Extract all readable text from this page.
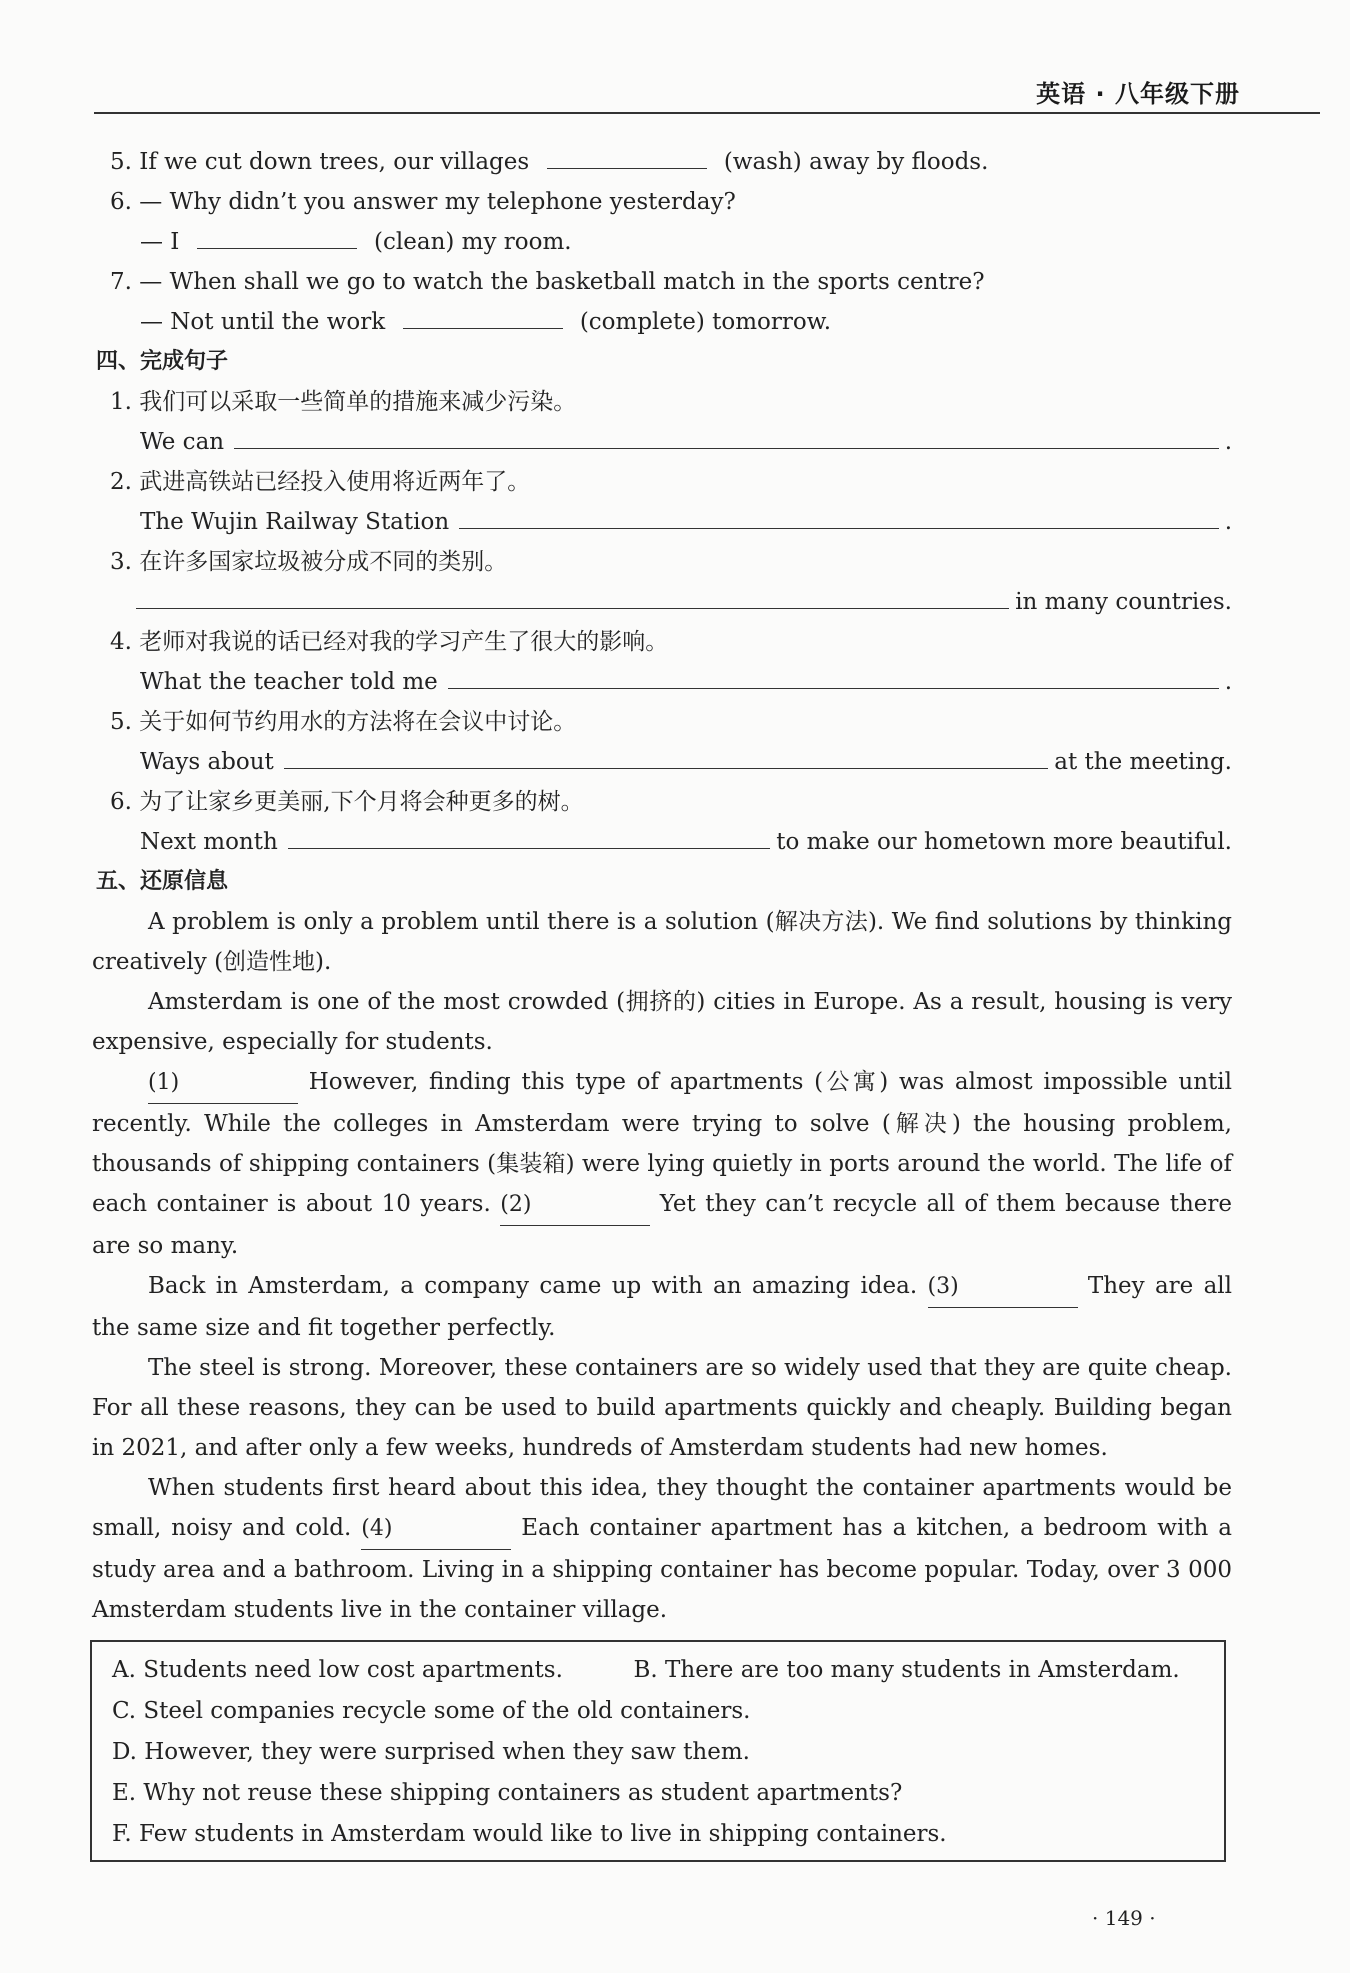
英语 · 八年级下册
5. If we cut down trees, our villages	(wash) away by floods.
6. — Why didn’t you answer my telephone yesterday?
— I	(clean) my room.
7. — When shall we go to watch the basketball match in the sports centre?
— Not until the work	(complete) tomorrow.
四、完成句子
1. 我们可以采取一些简单的措施来减少污染。
We can	.
2. 武进高铁站已经投入使用将近两年了。
The Wujin Railway Station	.
3. 在许多国家垃圾被分成不同的类别。
in many countries.
4. 老师对我说的话已经对我的学习产生了很大的影响。
What the teacher told me	.
5. 关于如何节约用水的方法将在会议中讨论。
Ways about	at the meeting.
6. 为了让家乡更美丽,下个月将会种更多的树。
Next month	to make our hometown more beautiful.
五、还原信息
A problem is only a problem until there is a solution (解决方法). We find solutions by thinking creatively (创造性地).
Amsterdam is one of the most crowded (拥挤的) cities in Europe. As a result, housing is very expensive, especially for students.
(1)	However, finding this type of apartments (公寓) was almost impossible until recently. While the colleges in Amsterdam were trying to solve (解决) the housing problem, thousands of shipping containers (集装箱) were lying quietly in ports around the world. The life of each container is about 10 years. (2)	Yet they can’t recycle all of them because there are so many.
Back in Amsterdam, a company came up with an amazing idea. (3)	They are all the same size and fit together perfectly.
The steel is strong. Moreover, these containers are so widely used that they are quite cheap. For all these reasons, they can be used to build apartments quickly and cheaply. Building began in 2021, and after only a few weeks, hundreds of Amsterdam students had new homes.
When students first heard about this idea, they thought the container apartments would be small, noisy and cold. (4)	Each container apartment has a kitchen, a bedroom with a study area and a bathroom. Living in a shipping container has become popular. Today, over 3 000 Amsterdam students live in the container village.
A. Students need low cost apartments.	B. There are too many students in Amsterdam.
C. Steel companies recycle some of the old containers.
D. However, they were surprised when they saw them.
E. Why not reuse these shipping containers as student apartments?
F. Few students in Amsterdam would like to live in shipping containers.
· 149 ·
